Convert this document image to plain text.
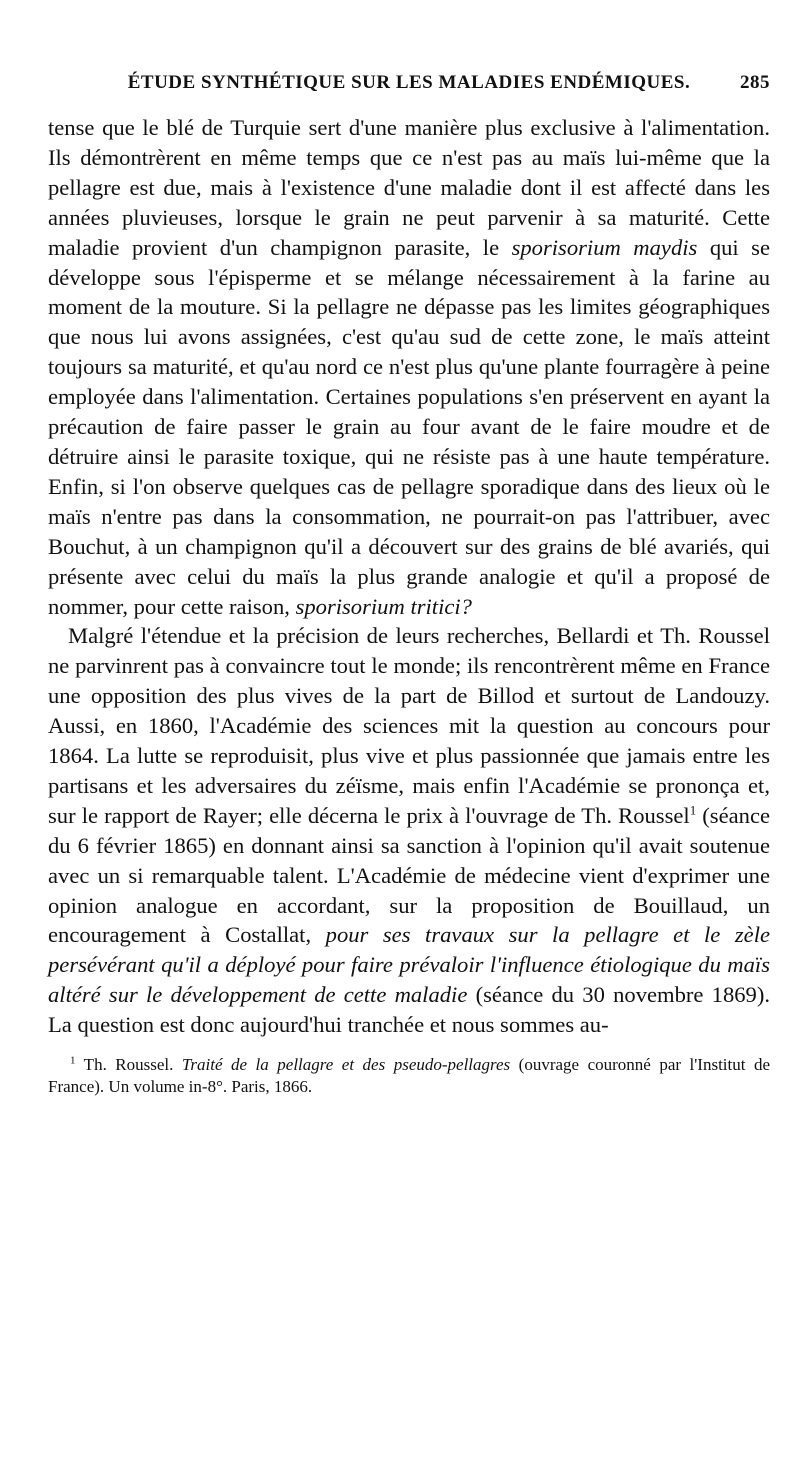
ÉTUDE SYNTHÉTIQUE SUR LES MALADIES ENDÉMIQUES.	285

tense que le blé de Turquie sert d'une manière plus exclusive à l'alimentation. Ils démontrèrent en même temps que ce n'est pas au maïs lui-même que la pellagre est due, mais à l'existence d'une maladie dont il est affecté dans les années pluvieuses, lorsque le grain ne peut parvenir à sa maturité. Cette maladie provient d'un champignon parasite, le sporisorium maydis qui se développe sous l'épisperme et se mélange nécessairement à la farine au moment de la mouture. Si la pellagre ne dépasse pas les limites géographiques que nous lui avons assignées, c'est qu'au sud de cette zone, le maïs atteint toujours sa maturité, et qu'au nord ce n'est plus qu'une plante fourragère à peine employée dans l'alimentation. Certaines populations s'en préservent en ayant la précaution de faire passer le grain au four avant de le faire moudre et de détruire ainsi le parasite toxique, qui ne résiste pas à une haute température. Enfin, si l'on observe quelques cas de pellagre sporadique dans des lieux où le maïs n'entre pas dans la consommation, ne pourrait-on pas l'attribuer, avec Bouchut, à un champignon qu'il a découvert sur des grains de blé avariés, qui présente avec celui du maïs la plus grande analogie et qu'il a proposé de nommer, pour cette raison, sporisorium tritici?

Malgré l'étendue et la précision de leurs recherches, Bellardi et Th. Roussel ne parvinrent pas à convaincre tout le monde; ils rencontrèrent même en France une opposition des plus vives de la part de Billod et surtout de Landouzy. Aussi, en 1860, l'Académie des sciences mit la question au concours pour 1864. La lutte se reproduisit, plus vive et plus passionnée que jamais entre les partisans et les adversaires du zéïsme, mais enfin l'Académie se prononça et, sur le rapport de Rayer; elle décerna le prix à l'ouvrage de Th. Roussel$^1$ (séance du 6 février 1865) en donnant ainsi sa sanction à l'opinion qu'il avait soutenue avec un si remarquable talent. L'Académie de médecine vient d'exprimer une opinion analogue en accordant, sur la proposition de Bouillaud, un encouragement à Costallat, pour ses travaux sur la pellagre et le zèle persévérant qu'il a déployé pour faire prévaloir l'influence étiologique du maïs altéré sur le développement de cette maladie (séance du 30 novembre 1869). La question est donc aujourd'hui tranchée et nous sommes au-

$^1$ Th. Roussel. Traité de la pellagre et des pseudo-pellagres (ouvrage couronné par l'Institut de France). Un volume in-8°. Paris, 1866.
